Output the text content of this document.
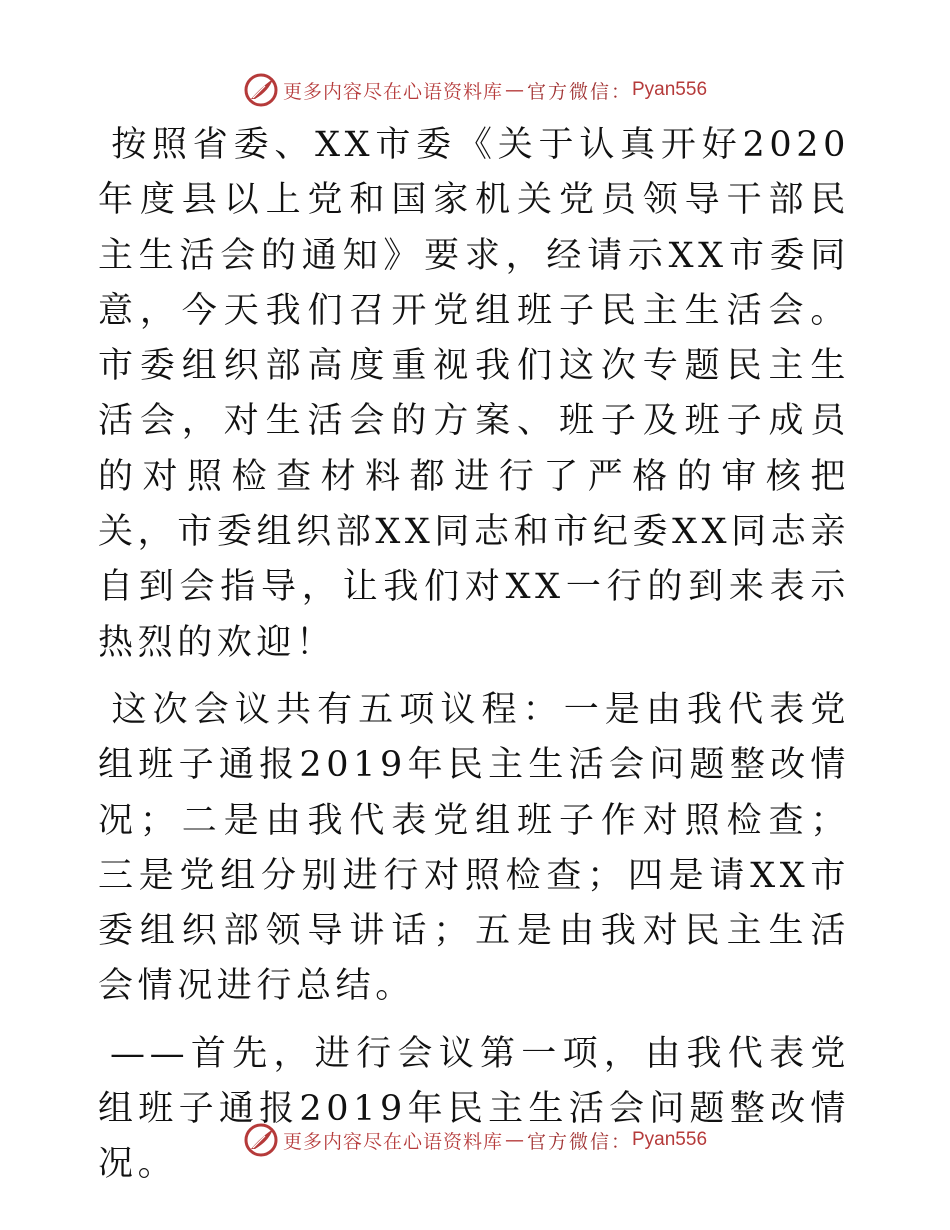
更多内容尽在心语资料库 — 官方微信： Pyan556

按照省委、XX市委《关于认真开好2020年度县以上党和国家机关党员领导干部民主生活会的通知》要求，经请示XX市委同意，今天我们召开党组班子民主生活会。市委组织部高度重视我们这次专题民主生活会，对生活会的方案、班子及班子成员的对照检查材料都进行了严格的审核把关，市委组织部XX同志和市纪委XX同志亲自到会指导，让我们对XX一行的到来表示热烈的欢迎！

这次会议共有五项议程：一是由我代表党组班子通报2019年民主生活会问题整改情况；二是由我代表党组班子作对照检查；三是党组分别进行对照检查；四是请XX市委组织部领导讲话；五是由我对民主生活会情况进行总结。

——首先，进行会议第一项，由我代表党组班子通报2019年民主生活会问题整改情况。

更多内容尽在心语资料库 — 官方微信： Pyan556
